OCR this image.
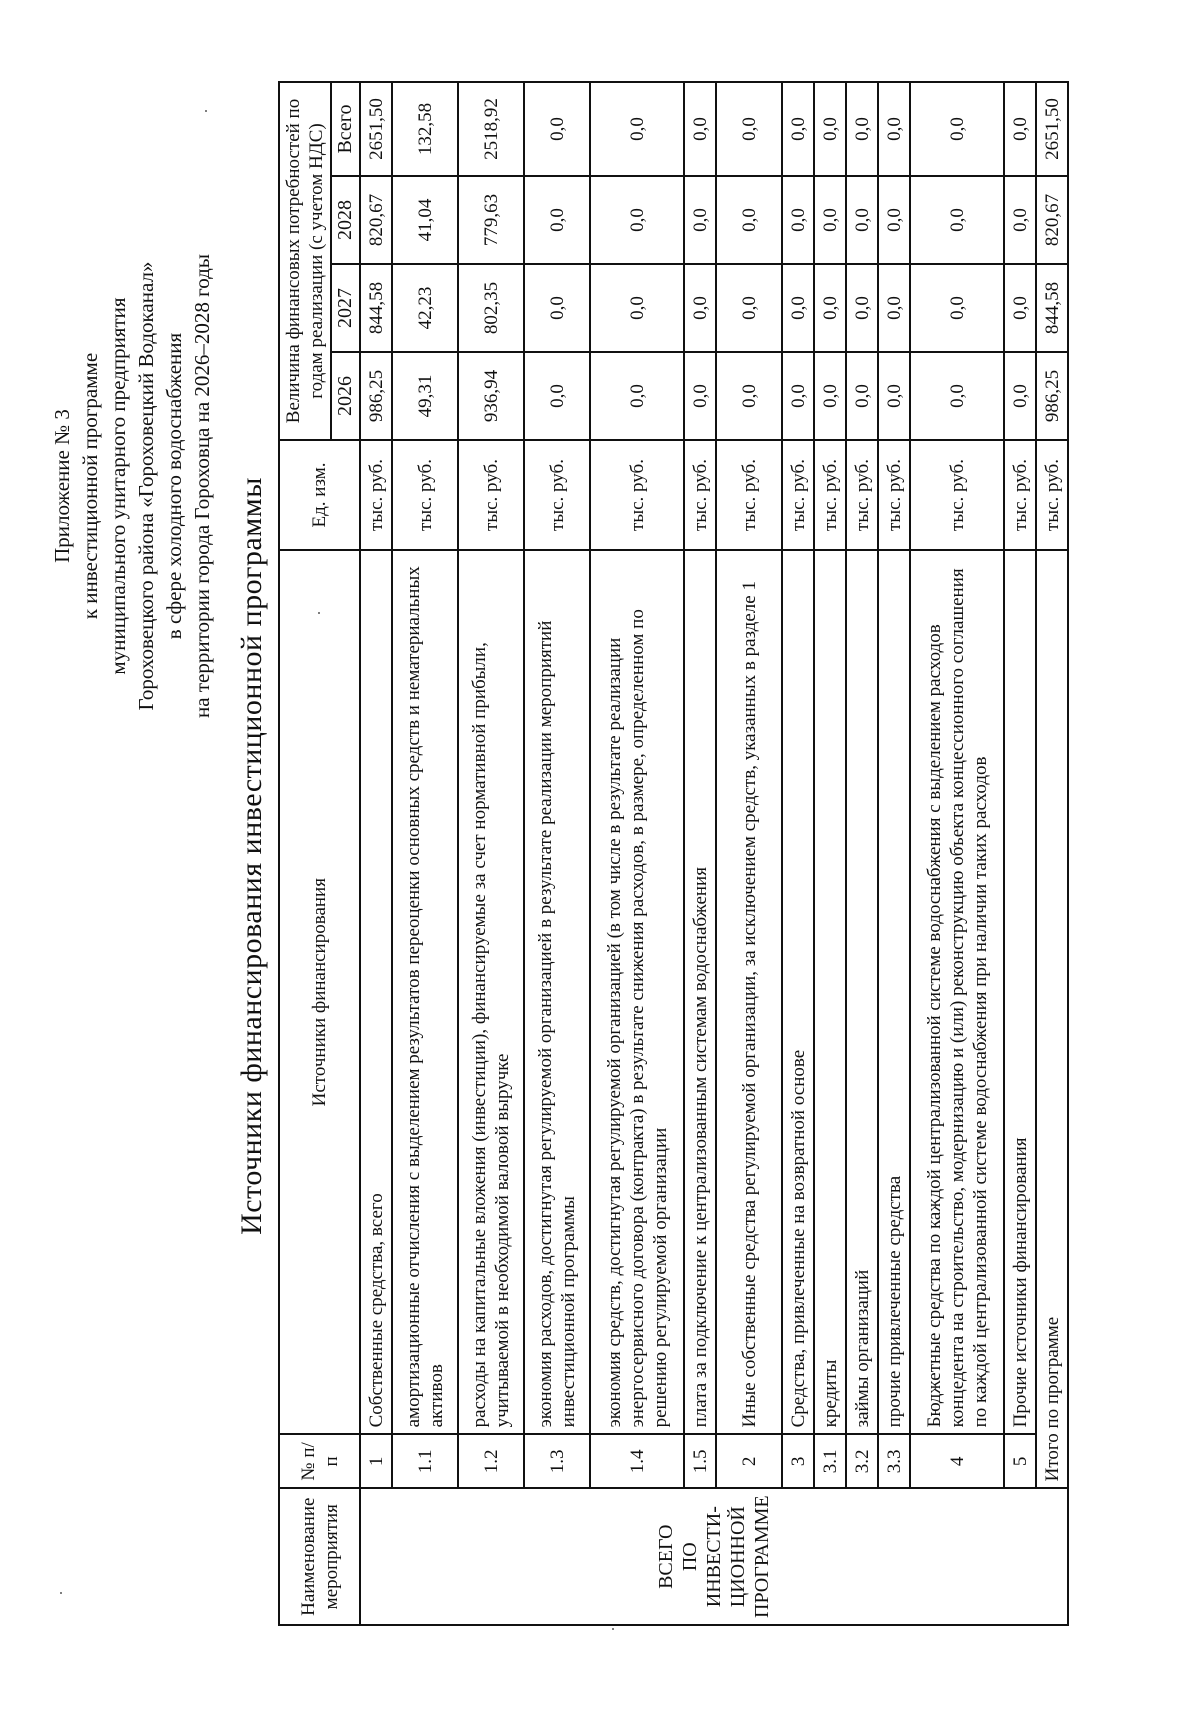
Приложение № 3 к инвестиционной программе муниципального унитарного предприятия Гороховецкого района «Гороховецкий Водоканал» в сфере холодного водоснабжения на территории города Гороховца на 2026–2028 годы Источники финансирования инвестиционной программы
Наименование мероприятия	№ п/п	Источники финансирования	Ед. изм.	Величина финансовых потребностей по годам реализации (с учетом НДС)			
				2026	2027	2028	Всего

ВСЕГО ПО ИНВЕСТИ- ЦИОННОЙ ПРОГРАММЕ	1	Собственные средства, всего	тыс. руб.	986,25	844,58	820,67	2651,50
	1.1	амортизационные отчисления с выделением результатов переоценки основных средств и нематериальных активов	тыс. руб.	49,31	42,23	41,04	132,58
	1.2	расходы на капитальные вложения (инвестиции), финансируемые за счет нормативной прибыли, учитываемой в необходимой валовой выручке	тыс. руб.	936,94	802,35	779,63	2518,92
	1.3	экономия расходов, достигнутая регулируемой организацией в результате реализации мероприятий инвестиционной программы	тыс. руб.	0,0	0,0	0,0	0,0
	1.4	экономия средств, достигнутая регулируемой организацией (в том числе в результате реализации энергосервисного договора (контракта) в результате снижения расходов, в размере, определенном по решению регулируемой организации	тыс. руб.	0,0	0,0	0,0	0,0
	1.5	плата за подключение к централизованным системам водоснабжения	тыс. руб.	0,0	0,0	0,0	0,0
	2	Иные собственные средства регулируемой организации, за исключением средств, указанных в разделе 1	тыс. руб.	0,0	0,0	0,0	0,0
	3	Средства, привлеченные на возвратной основе	тыс. руб.	0,0	0,0	0,0	0,0
	3.1	кредиты	тыс. руб.	0,0	0,0	0,0	0,0
	3.2	займы организаций	тыс. руб.	0,0	0,0	0,0	0,0
	3.3	прочие привлеченные средства	тыс. руб.	0,0	0,0	0,0	0,0
	4	Бюджетные средства по каждой централизованной системе водоснабжения с выделением расходов концедента на строительство, модернизацию и (или) реконструкцию объекта концессионного соглашения по каждой централизованной системе водоснабжения при наличии таких расходов	тыс. руб.	0,0	0,0	0,0	0,0
	5	Прочие источники финансирования	тыс. руб.	0,0	0,0	0,0	0,0
	Итого по программе		тыс. руб.	986,25	844,58	820,67	2651,50
